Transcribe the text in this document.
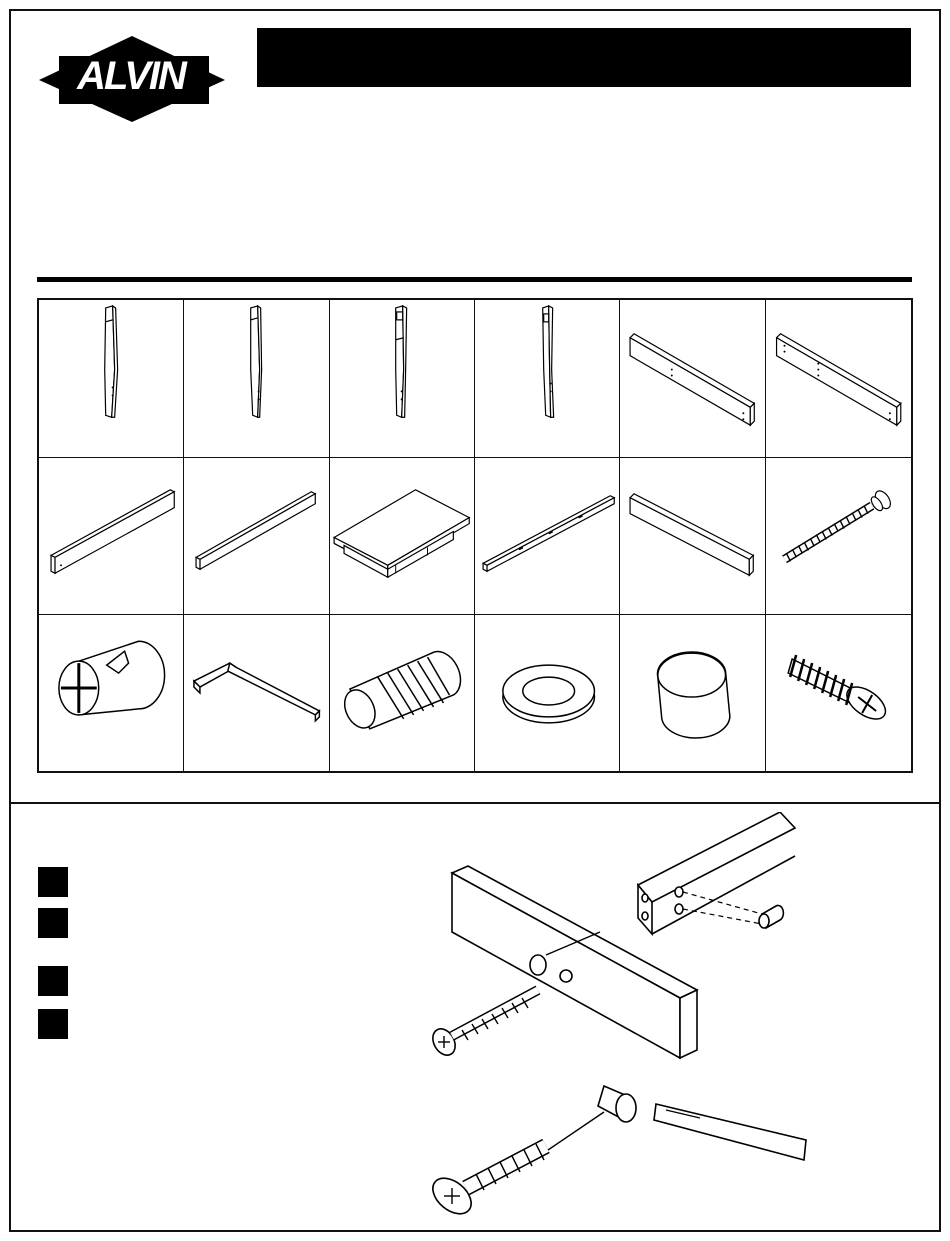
ALVIN	®
